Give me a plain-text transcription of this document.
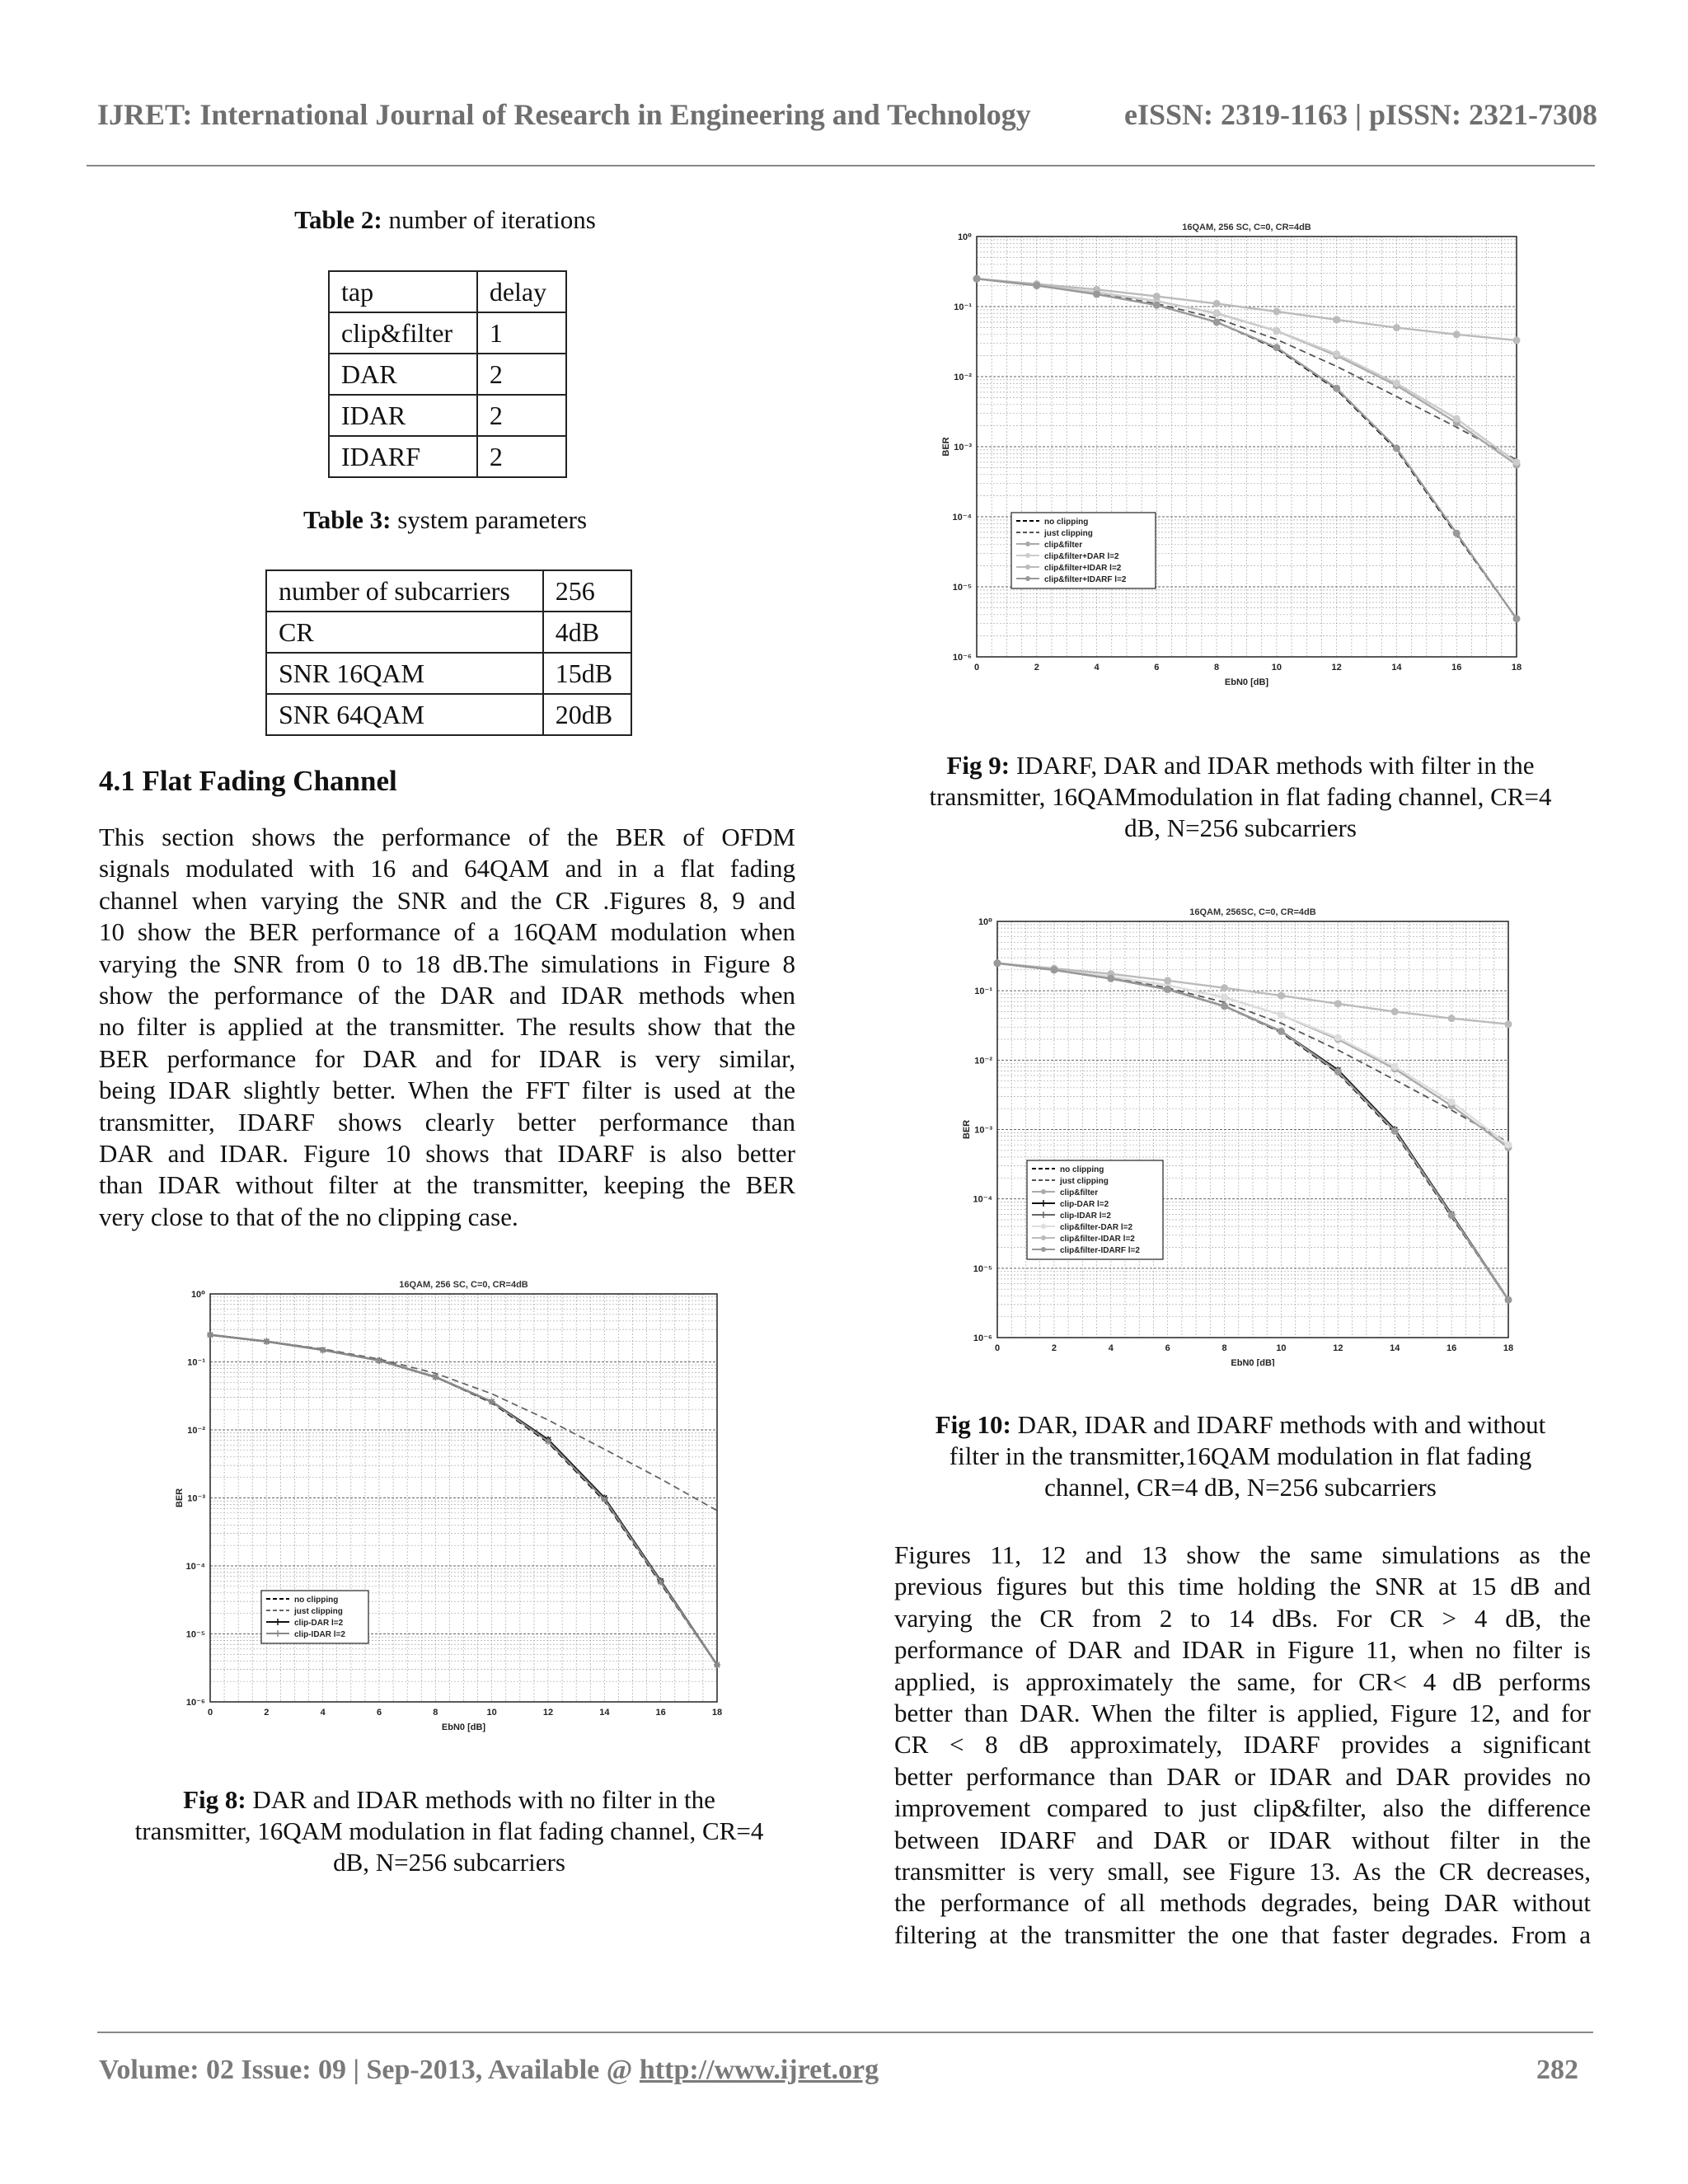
IJRET: International Journal of Research in Engineering and Technology	eISSN: 2319-1163 | pISSN: 2321-7308
Table 2: number of iterations
tap	delay
clip&filter	1
DAR	2
IDAR	2
IDARF	2
Table 3: system parameters
number of subcarriers	256
CR	4dB
SNR 16QAM	15dB
SNR 64QAM	20dB
4.1 Flat Fading Channel
This section shows the performance of the BER of OFDM
signals modulated with 16 and 64QAM and in a flat fading
channel when varying the SNR and the CR .Figures 8, 9 and
10 show the BER performance of a 16QAM modulation when
varying the SNR from 0 to 18 dB.The simulations in Figure 8
show the performance of the DAR and IDAR methods when
no filter is applied at the transmitter. The results show that the
BER performance for DAR and for IDAR is very similar,
being IDAR slightly better. When the FFT filter is used at the
transmitter, IDARF shows clearly better performance than
DAR and IDAR. Figure 10 shows that IDARF is also better
than IDAR without filter at the transmitter, keeping the BER
very close to that of the no clipping case.
16QAM, 256 SC, C=0, CR=4dB
0	2	4	6	8	10	12	14	16	18
10⁻⁶
10⁻⁵
10⁻⁴
10⁻³
10⁻²
10⁻¹
10⁰
EbN0 [dB]
BER
no clipping
just clipping
clip-DAR l=2
clip-IDAR l=2
Fig 8: DAR and IDAR methods with no filter in the
transmitter, 16QAM modulation in flat fading channel, CR=4
dB, N=256 subcarriers
16QAM, 256 SC, C=0, CR=4dB
0	2	4	6	8	10	12	14	16	18
10⁻⁶
10⁻⁵
10⁻⁴
10⁻³
10⁻²
10⁻¹
10⁰
EbN0 [dB]
BER
no clipping
just clipping
clip&filter
clip&filter+DAR l=2
clip&filter+IDAR l=2
clip&filter+IDARF l=2
Fig 9: IDARF, DAR and IDAR methods with filter in the
transmitter, 16QAMmodulation in flat fading channel, CR=4
dB, N=256 subcarriers
16QAM, 256SC, C=0, CR=4dB
0	2	4	6	8	10	12	14	16	18
10⁻⁶
10⁻⁵
10⁻⁴
10⁻³
10⁻²
10⁻¹
10⁰
EbN0 [dB]
BER
no clipping
just clipping
clip&filter
clip-DAR l=2
clip-IDAR l=2
clip&filter-DAR l=2
clip&filter-IDAR l=2
clip&filter-IDARF l=2
Fig 10: DAR, IDAR and IDARF methods with and without
filter in the transmitter,16QAM modulation in flat fading
channel, CR=4 dB, N=256 subcarriers
Figures 11, 12 and 13 show the same simulations as the
previous figures but this time holding the SNR at 15 dB and
varying the CR from 2 to 14 dBs. For CR > 4 dB, the
performance of DAR and IDAR in Figure 11, when no filter is
applied, is approximately the same, for CR< 4 dB performs
better than DAR. When the filter is applied, Figure 12, and for
CR < 8 dB approximately, IDARF provides a significant
better performance than DAR or IDAR and DAR provides no
improvement compared to just clip&filter, also the difference
between IDARF and DAR or IDAR without filter in the
transmitter is very small, see Figure 13. As the CR decreases,
the performance of all methods degrades, being DAR without
filtering at the transmitter the one that faster degrades. From a
Volume: 02 Issue: 09 | Sep-2013, Available @ http://www.ijret.org	282
